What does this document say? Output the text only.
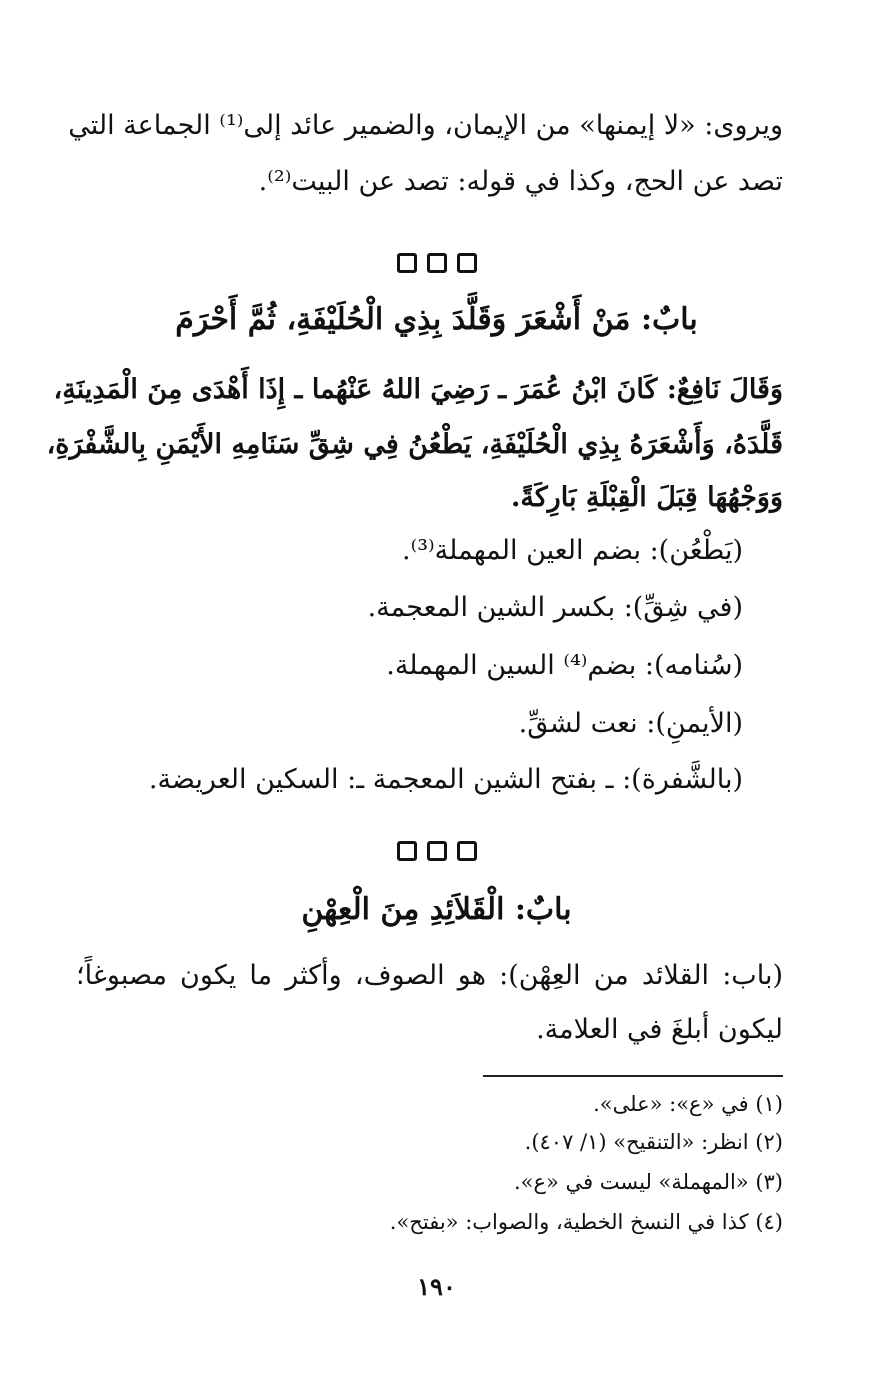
ويروى: «لا إيمنها» من الإيمان، والضمير عائد إلى⁽¹⁾ الجماعة التي
تصد عن الحج، وكذا في قوله: تصد عن البيت⁽²⁾.
بابٌ: مَنْ أَشْعَرَ وَقَلَّدَ بِذِي الْحُلَيْفَةِ، ثُمَّ أَحْرَمَ
وَقَالَ نَافِعٌ: كَانَ ابْنُ عُمَرَ ـ رَضِيَ اللهُ عَنْهُما ـ إِذَا أَهْدَى مِنَ الْمَدِينَةِ،
قَلَّدَهُ، وَأَشْعَرَهُ بِذِي الْحُلَيْفَةِ، يَطْعُنُ فِي شِقِّ سَنَامِهِ الأَيْمَنِ بِالشَّفْرَةِ،
وَوَجْهُهَا قِبَلَ الْقِبْلَةِ بَارِكَةً.
(يَطْعُن): بضم العين المهملة⁽³⁾.
(في شِقِّ): بكسر الشين المعجمة.
(سُنامه): بضم⁽⁴⁾ السين المهملة.
(الأيمنِ): نعت لشقِّ.
(بالشَّفرة): ـ بفتح الشين المعجمة ـ: السكين العريضة.
بابٌ: الْقَلاَئِدِ مِنَ الْعِهْنِ
(باب: القلائد من العِهْن): هو الصوف، وأكثر ما يكون مصبوغاً؛
ليكون أبلغَ في العلامة.
(١) في «ع»: «على».
(٢) انظر: «التنقيح» (١/ ٤٠٧).
(٣) «المهملة» ليست في «ع».
(٤) كذا في النسخ الخطية، والصواب: «بفتح».
١٩٠
